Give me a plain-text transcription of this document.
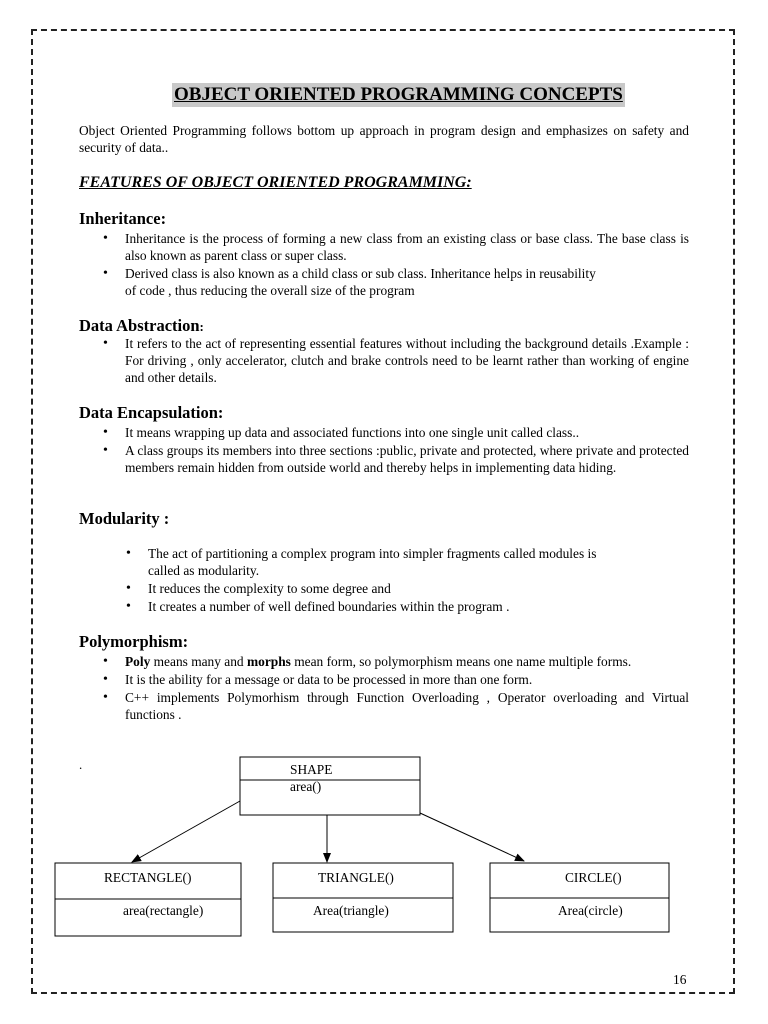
OBJECT ORIENTED PROGRAMMING CONCEPTS
Object Oriented Programming follows bottom up approach in program design and emphasizes on safety and security of data..
FEATURES OF OBJECT ORIENTED PROGRAMMING:
Inheritance:
• Inheritance is the process of forming a new class from an existing class or base class. The base class is also known as parent class or super class.
• Derived class is also known as a child class or sub class. Inheritance helps in reusability of code , thus reducing the overall size of the program
Data Abstraction:
• It refers to the act of representing essential features without including the background details .Example : For driving , only accelerator, clutch and brake controls need to be learnt rather than working of engine and other details.
Data Encapsulation:
• It means wrapping up data and associated functions into one single unit called class..
• A class groups its members into three sections :public, private and protected, where private and protected members remain hidden from outside world and thereby helps in implementing data hiding.
Modularity :
• The act of partitioning a complex program into simpler fragments called modules is called as modularity.
• It reduces the complexity to some degree and
• It creates a number of well defined boundaries within the program .
Polymorphism:
• Poly means many and morphs mean form, so polymorphism means one name multiple forms.
• It is the ability for a message or data to be processed in more than one form.
• C++ implements Polymorhism through Function Overloading , Operator overloading and Virtual functions .
.	SHAPE
area()
RECTANGLE()
area(rectangle)
TRIANGLE()
Area(triangle)
CIRCLE()
Area(circle)
16
